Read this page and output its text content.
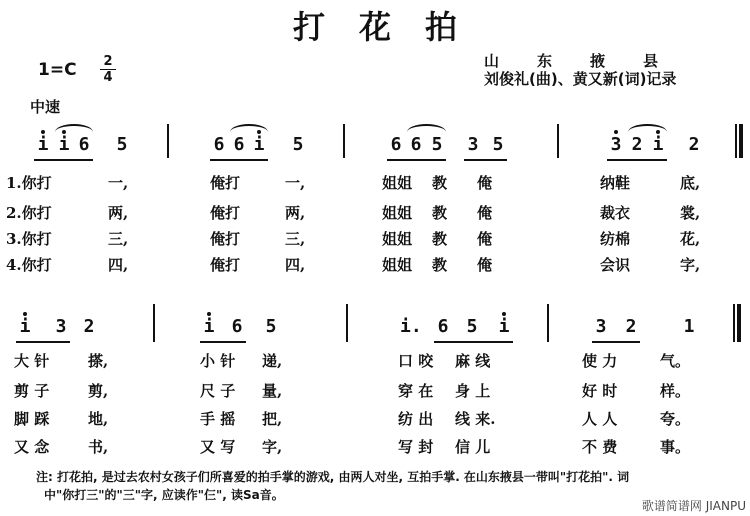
打花拍
1=C 2
4
山东掖县
刘俊礼(曲)、黄又新(词)记录
中速
i i 6 5	6 6 i 5	6 6 5 3 5	3 2 i 2
1.你打	一,	俺打	一,	姐姐 教 俺	纳鞋	底,
2.你打	两,	俺打	两,	姐姐 教 俺	裁衣	裳,
3.你打	三,	俺打	三,	姐姐 教 俺	纺棉	花,
4.你打	四,	俺打	四,	姐姐 教 俺	会识	字,
i 3 2	i 6 5	i. 6 5 i	3 2	1
大 针	搽,	小 针 递,	口 咬 麻 线	使 力	气。
剪 子	剪,	尺 子 量,	穿 在 身 上	好 时	样。
脚 踩	地,	手 摇 把,	纺 出 线 来.	人 人	夸。
又 念	书,	又 写 字,	写 封 信 儿	不 费	事。
注: 打花拍, 是过去农村女孩子们所喜爱的拍手掌的游戏, 由两人对坐, 互拍手掌. 在山东掖县一带叫"打花拍". 词
中"你打三"的"三"字, 应读作"仨", 读Sa音。
歌谱简谱网 JIANPU
